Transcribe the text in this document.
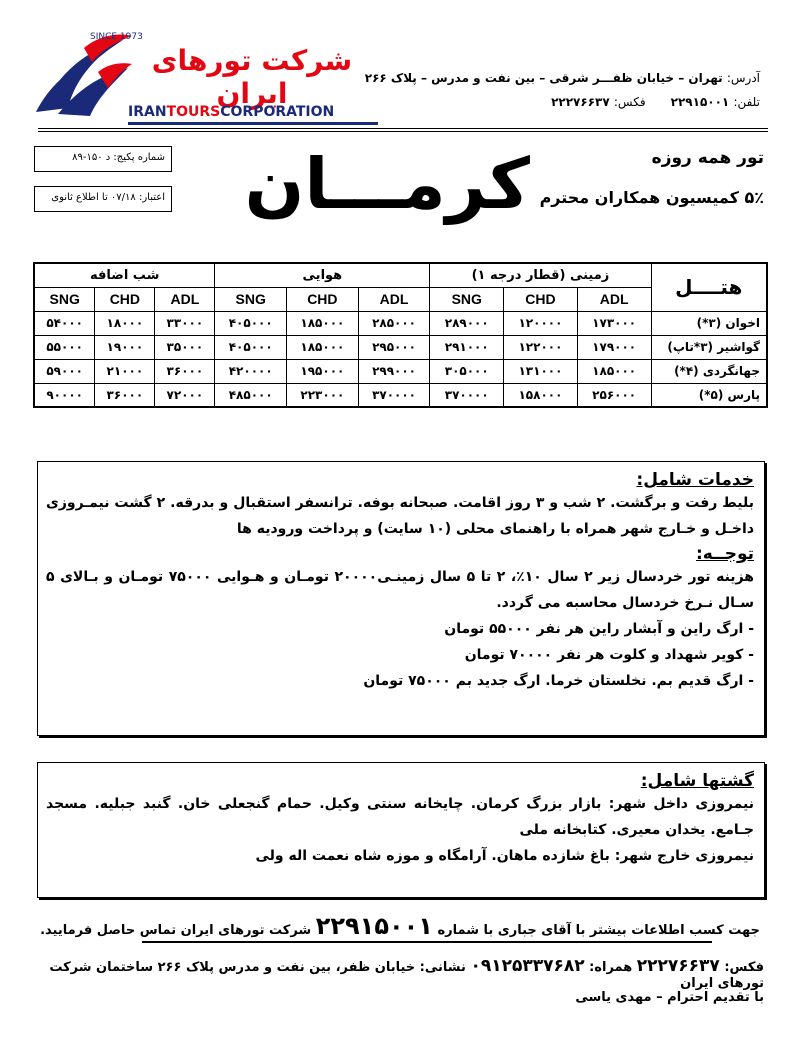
SINCE 1973
شرکت تورهای ایران
IRANTOURSCORPORATION
آدرس: تهران – خیابان ظفـــر شرقی – بین نفت و مدرس – پلاک ۲۶۶
تلفن: ۲۲۹۱۵۰۰۱      فکس: ۲۲۲۷۶۶۳۷
شماره پکیج: د ۱۵۰-۸۹
اعتبار: ۰۷/۱۸ تا اطلاع ثانوی کرمـــان	تور همه روزه
۵٪ کمیسیون همکاران محترم
هتــــل	زمینی (قطار درجه ۱)			هوایی			شب اضافه		
	ADL	CHD	SNG	ADL	CHD	SNG	ADL	CHD	SNG
اخوان (۳*)	۱۷۳۰۰۰	۱۲۰۰۰۰	۲۸۹۰۰۰	۲۸۵۰۰۰	۱۸۵۰۰۰	۴۰۵۰۰۰	۳۳۰۰۰	۱۸۰۰۰	۵۴۰۰۰
گواشیر (۳*تاپ)	۱۷۹۰۰۰	۱۲۲۰۰۰	۲۹۱۰۰۰	۲۹۵۰۰۰	۱۸۵۰۰۰	۴۰۵۰۰۰	۳۵۰۰۰	۱۹۰۰۰	۵۵۰۰۰
جهانگردی (۴*)	۱۸۵۰۰۰	۱۳۱۰۰۰	۳۰۵۰۰۰	۲۹۹۰۰۰	۱۹۵۰۰۰	۴۲۰۰۰۰	۳۶۰۰۰	۲۱۰۰۰	۵۹۰۰۰
پارس (۵*)	۲۵۶۰۰۰	۱۵۸۰۰۰	۳۷۰۰۰۰	۳۷۰۰۰۰	۲۲۳۰۰۰	۴۸۵۰۰۰	۷۲۰۰۰	۳۶۰۰۰	۹۰۰۰۰
خدمات شامل:
بلیط رفت و برگشت. ۲ شب و ۳ روز اقامت. صبحانه بوفه. ترانسفر استقبال و بدرقه. ۲ گشت نیمـروزی داخـل و خـارج شهر همراه با راهنمای محلی (۱۰ سایت) و پرداخت ورودیه ها
توجــه:
هزینه تور خردسال زیر ۲ سال ۱۰٪، ۲ تا ۵ سال زمینـی۲۰۰۰۰ تومـان و هـوایی ۷۵۰۰۰ تومـان و بـالای ۵ سـال نـرخ خردسال محاسبه می گردد.
- ارگ راین و آبشار راین هر نفر ۵۵۰۰۰ تومان
- کویر شهداد و کلوت هر نفر ۷۰۰۰۰ تومان
- ارگ قدیم بم. نخلستان خرما. ارگ جدید بم ۷۵۰۰۰ تومان
گشتها شامل:
نیمروزی داخل شهر: بازار بزرگ کرمان. چایخانه سنتی وکیل. حمام گنجعلی خان. گنبد جبلیه. مسجد جـامع. یخدان معیری. کتابخانه ملی
نیمروزی خارج شهر: باغ شازده ماهان. آرامگاه و موزه شاه نعمت اله ولی
جهت کسب اطلاعات بیشتر با آقای جباری با شماره ۲۲۹۱۵۰۰۱ شرکت تورهای ایران تماس حاصل فرمایید.
فکس: ۲۲۲۷۶۶۳۷ همراه: ۰۹۱۲۵۳۳۷۶۸۲ نشانی: خیابان ظفر، بین نفت و مدرس پلاک ۲۶۶ ساختمان شرکت تورهای ایران
با تقدیم احترام – مهدی یاسی
